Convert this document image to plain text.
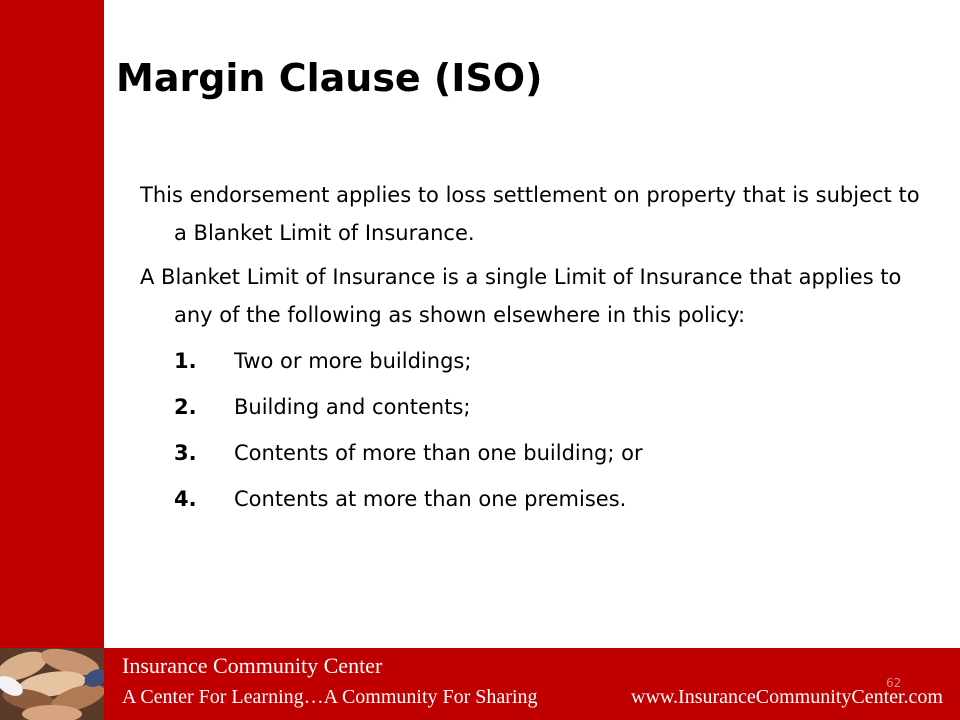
Margin Clause (ISO)

This endorsement applies to loss settlement on property that is subject to a Blanket Limit of Insurance.

A Blanket Limit of Insurance is a single Limit of Insurance that applies to any of the following as shown elsewhere in this policy:

1. Two or more buildings;
2. Building and contents;
3. Contents of more than one building; or
4. Contents at more than one premises.
Insurance Community Center
A Center For Learning…A Community For Sharing	www.InsuranceCommunityCenter.com
62
